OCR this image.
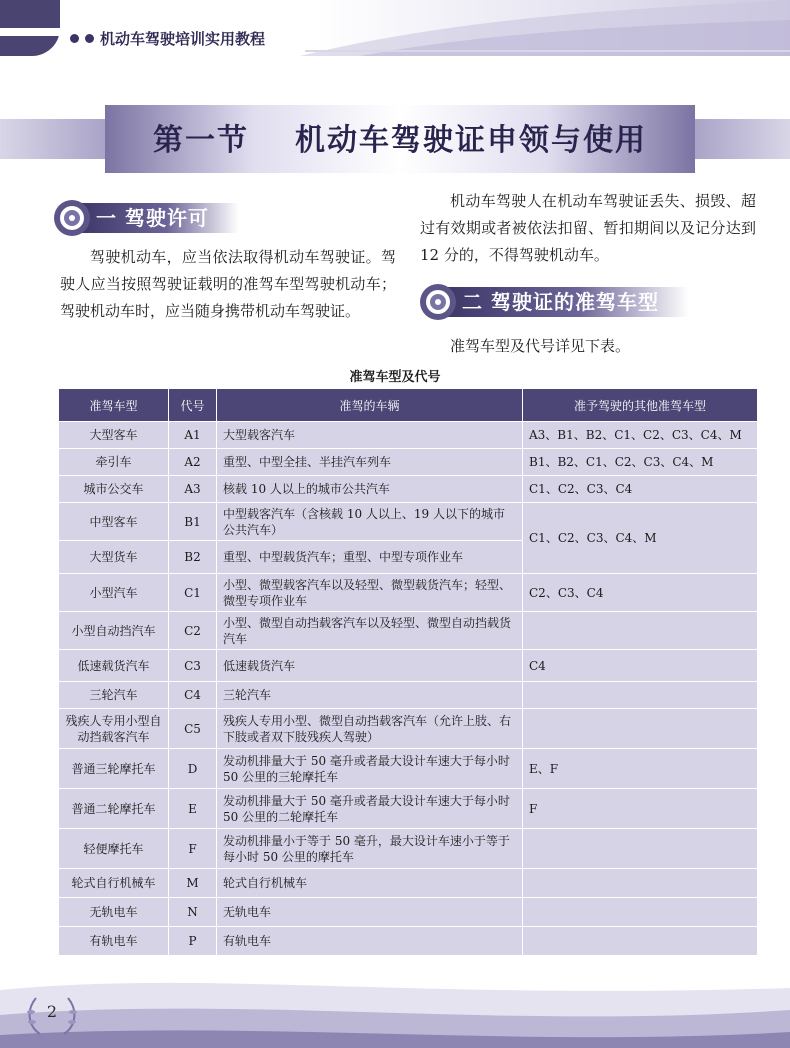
机动车驾驶培训实用教程
第一节 机动车驾驶证申领与使用
一 驾驶许可
驾驶机动车，应当依法取得机动车驾驶证。驾驶人应当按照驾驶证载明的准驾车型驾驶机动车；驾驶机动车时，应当随身携带机动车驾驶证。
机动车驾驶人在机动车驾驶证丢失、损毁、超过有效期或者被依法扣留、暂扣期间以及记分达到 12 分的，不得驾驶机动车。
二 驾驶证的准驾车型
准驾车型及代号详见下表。
准驾车型及代号
准驾车型	代号	准驾的车辆	准予驾驶的其他准驾车型
大型客车	A1	大型载客汽车	A3、B1、B2、C1、C2、C3、C4、M
牵引车	A2	重型、中型全挂、半挂汽车列车	B1、B2、C1、C2、C3、C4、M
城市公交车	A3	核载 10 人以上的城市公共汽车	C1、C2、C3、C4
中型客车	B1	中型载客汽车（含核载 10 人以上、19 人以下的城市公共汽车）	C1、C2、C3、C4、M
大型货车	B2	重型、中型载货汽车；重型、中型专项作业车	
小型汽车	C1	小型、微型载客汽车以及轻型、微型载货汽车；轻型、微型专项作业车	C2、C3、C4
小型自动挡汽车	C2	小型、微型自动挡载客汽车以及轻型、微型自动挡载货汽车	
低速载货汽车	C3	低速载货汽车	C4
三轮汽车	C4	三轮汽车	
残疾人专用小型自动挡载客汽车	C5	残疾人专用小型、微型自动挡载客汽车（允许上肢、右下肢或者双下肢残疾人驾驶）	
普通三轮摩托车	D	发动机排量大于 50 毫升或者最大设计车速大于每小时 50 公里的三轮摩托车	E、F
普通二轮摩托车	E	发动机排量大于 50 毫升或者最大设计车速大于每小时 50 公里的二轮摩托车	F
轻便摩托车	F	发动机排量小于等于 50 毫升，最大设计车速小于等于每小时 50 公里的摩托车	
轮式自行机械车	M	轮式自行机械车	
无轨电车	N	无轨电车	
有轨电车	P	有轨电车	
2
